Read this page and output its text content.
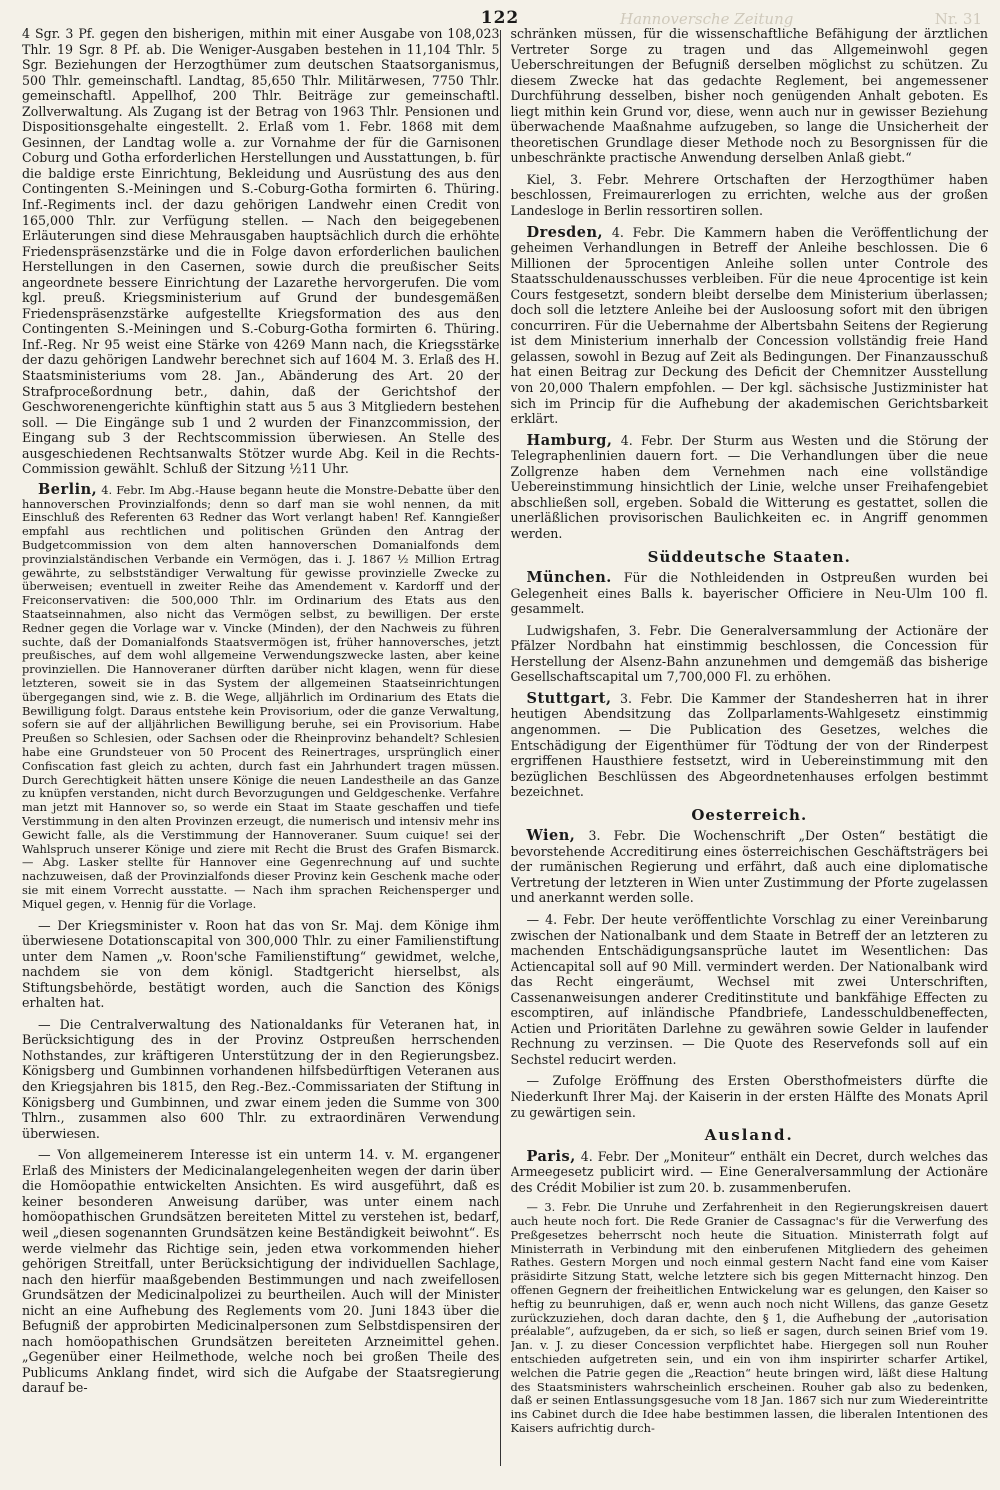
Hannoversche Zeitung
122	Nr. 31

4 Sgr. 3 Pf. gegen den bisherigen, mithin mit einer Ausgabe von 108,023 Thlr. 19 Sgr. 8 Pf. ab. Die Weniger-Ausgaben bestehen in 11,104 Thlr. 5 Sgr. Beziehungen der Herzogthümer zum deutschen Staatsorganismus, 500 Thlr. gemeinschaftl. Landtag, 85,650 Thlr. Militärwesen, 7750 Thlr. gemeinschaftl. Appellhof, 200 Thlr. Beiträge zur gemeinschaftl. Zollverwaltung. Als Zugang ist der Betrag von 1963 Thlr. Pensionen und Dispositionsgehalte eingestellt. 2. Erlaß vom 1. Febr. 1868 mit dem Gesinnen, der Landtag wolle a. zur Vornahme der für die Garnisonen Coburg und Gotha erforderlichen Herstellungen und Ausstattungen, b. für die baldige erste Einrichtung, Bekleidung und Ausrüstung des aus den Contingenten S.-Meiningen und S.-Coburg-Gotha formirten 6. Thüring. Inf.-Regiments incl. der dazu gehörigen Landwehr einen Credit von 165,000 Thlr. zur Verfügung stellen. — Nach den beigegebenen Erläuterungen sind diese Mehrausgaben hauptsächlich durch die erhöhte Friedenspräsenzstärke und die in Folge davon erforderlichen baulichen Herstellungen in den Casernen, sowie durch die preußischer Seits angeordnete bessere Einrichtung der Lazarethe hervorgerufen. Die vom kgl. preuß. Kriegsministerium auf Grund der bundesgemäßen Friedenspräsenzstärke aufgestellte Kriegsformation des aus den Contingenten S.-Meiningen und S.-Coburg-Gotha formirten 6. Thüring. Inf.-Reg. Nr 95 weist eine Stärke von 4269 Mann nach, die Kriegsstärke der dazu gehörigen Landwehr berechnet sich auf 1604 M. 3. Erlaß des H. Staatsministeriums vom 28. Jan., Abänderung des Art. 20 der Strafproceßordnung betr., dahin, daß der Gerichtshof der Geschworenengerichte künftighin statt aus 5 aus 3 Mitgliedern bestehen soll. — Die Eingänge sub 1 und 2 wurden der Finanzcommission, der Eingang sub 3 der Rechtscommission überwiesen. An Stelle des ausgeschiedenen Rechtsanwalts Stötzer wurde Abg. Keil in die Rechts-Commission gewählt. Schluß der Sitzung ½11 Uhr.

Berlin, 4. Febr. Im Abg.-Hause begann heute die Monstre-Debatte über den hannoverschen Provinzialfonds; denn so darf man sie wohl nennen, da mit Einschluß des Referenten 63 Redner das Wort verlangt haben! Ref. Kanngießer empfahl aus rechtlichen und politischen Gründen den Antrag der Budgetcommission von dem alten hannoverschen Domanialfonds dem provinzialständischen Verbande ein Vermögen, das i. J. 1867 ½ Million Ertrag gewährte, zu selbstständiger Verwaltung für gewisse provinzielle Zwecke zu überweisen; eventuell in zweiter Reihe das Amendement v. Kardorff und der Freiconservativen: die 500,000 Thlr. im Ordinarium des Etats aus den Staatseinnahmen, also nicht das Vermögen selbst, zu bewilligen. Der erste Redner gegen die Vorlage war v. Vincke (Minden), der den Nachweis zu führen suchte, daß der Domanialfonds Staatsvermögen ist, früher hannoversches, jetzt preußisches, auf dem wohl allgemeine Verwendungszwecke lasten, aber keine provinziellen. Die Hannoveraner dürften darüber nicht klagen, wenn für diese letzteren, soweit sie in das System der allgemeinen Staatseinrichtungen übergegangen sind, wie z. B. die Wege, alljährlich im Ordinarium des Etats die Bewilligung folgt. Daraus entstehe kein Provisorium, oder die ganze Verwaltung, sofern sie auf der alljährlichen Bewilligung beruhe, sei ein Provisorium. Habe Preußen so Schlesien, oder Sachsen oder die Rheinprovinz behandelt? Schlesien habe eine Grundsteuer von 50 Procent des Reinertrages, ursprünglich einer Confiscation fast gleich zu achten, durch fast ein Jahrhundert tragen müssen. Durch Gerechtigkeit hätten unsere Könige die neuen Landestheile an das Ganze zu knüpfen verstanden, nicht durch Bevorzugungen und Geldgeschenke. Verfahre man jetzt mit Hannover so, so werde ein Staat im Staate geschaffen und tiefe Verstimmung in den alten Provinzen erzeugt, die numerisch und intensiv mehr ins Gewicht falle, als die Verstimmung der Hannoveraner. Suum cuique! sei der Wahlspruch unserer Könige und ziere mit Recht die Brust des Grafen Bismarck. — Abg. Lasker stellte für Hannover eine Gegenrechnung auf und suchte nachzuweisen, daß der Provinzialfonds dieser Provinz kein Geschenk mache oder sie mit einem Vorrecht ausstatte. — Nach ihm sprachen Reichensperger und Miquel gegen, v. Hennig für die Vorlage.

— Der Kriegsminister v. Roon hat das von Sr. Maj. dem Könige ihm überwiesene Dotationscapital von 300,000 Thlr. zu einer Familienstiftung unter dem Namen „v. Roon'sche Familienstiftung“ gewidmet, welche, nachdem sie von dem königl. Stadtgericht hierselbst, als Stiftungsbehörde, bestätigt worden, auch die Sanction des Königs erhalten hat.

— Die Centralverwaltung des Nationaldanks für Veteranen hat, in Berücksichtigung des in der Provinz Ostpreußen herrschenden Nothstandes, zur kräftigeren Unterstützung der in den Regierungsbez. Königsberg und Gumbinnen vorhandenen hilfsbedürftigen Veteranen aus den Kriegsjahren bis 1815, den Reg.-Bez.-Commissariaten der Stiftung in Königsberg und Gumbinnen, und zwar einem jeden die Summe von 300 Thlrn., zusammen also 600 Thlr. zu extraordinären Verwendung überwiesen.

— Von allgemeinerem Interesse ist ein unterm 14. v. M. ergangener Erlaß des Ministers der Medicinalangelegenheiten wegen der darin über die Homöopathie entwickelten Ansichten. Es wird ausgeführt, daß es keiner besonderen Anweisung darüber, was unter einem nach homöopathischen Grundsätzen bereiteten Mittel zu verstehen ist, bedarf, weil „diesen sogenannten Grundsätzen keine Beständigkeit beiwohnt“. Es werde vielmehr das Richtige sein, jeden etwa vorkommenden hieher gehörigen Streitfall, unter Berücksichtigung der individuellen Sachlage, nach den hierfür maaßgebenden Bestimmungen und nach zweifellosen Grundsätzen der Medicinalpolizei zu beurtheilen. Auch will der Minister nicht an eine Aufhebung des Reglements vom 20. Juni 1843 über die Befugniß der approbirten Medicinalpersonen zum Selbstdispensiren der nach homöopathischen Grundsätzen bereiteten Arzneimittel gehen. „Gegenüber einer Heilmethode, welche noch bei großen Theile des Publicums Anklang findet, wird sich die Aufgabe der Staatsregierung darauf be-

schränken müssen, für die wissenschaftliche Befähigung der ärztlichen Vertreter Sorge zu tragen und das Allgemeinwohl gegen Ueberschreitungen der Befugniß derselben möglichst zu schützen. Zu diesem Zwecke hat das gedachte Reglement, bei angemessener Durchführung desselben, bisher noch genügenden Anhalt geboten. Es liegt mithin kein Grund vor, diese, wenn auch nur in gewisser Beziehung überwachende Maaßnahme aufzugeben, so lange die Unsicherheit der theoretischen Grundlage dieser Methode noch zu Besorgnissen für die unbeschränkte practische Anwendung derselben Anlaß giebt.“

Kiel, 3. Febr. Mehrere Ortschaften der Herzogthümer haben beschlossen, Freimaurerlogen zu errichten, welche aus der großen Landesloge in Berlin ressortiren sollen.

Dresden, 4. Febr. Die Kammern haben die Veröffentlichung der geheimen Verhandlungen in Betreff der Anleihe beschlossen. Die 6 Millionen der 5procentigen Anleihe sollen unter Controle des Staatsschuldenausschusses verbleiben. Für die neue 4procentige ist kein Cours festgesetzt, sondern bleibt derselbe dem Ministerium überlassen; doch soll die letztere Anleihe bei der Ausloosung sofort mit den übrigen concurriren. Für die Uebernahme der Albertsbahn Seitens der Regierung ist dem Ministerium innerhalb der Concession vollständig freie Hand gelassen, sowohl in Bezug auf Zeit als Bedingungen. Der Finanzausschuß hat einen Beitrag zur Deckung des Deficit der Chemnitzer Ausstellung von 20,000 Thalern empfohlen. — Der kgl. sächsische Justizminister hat sich im Princip für die Aufhebung der akademischen Gerichtsbarkeit erklärt.

Hamburg, 4. Febr. Der Sturm aus Westen und die Störung der Telegraphenlinien dauern fort. — Die Verhandlungen über die neue Zollgrenze haben dem Vernehmen nach eine vollständige Uebereinstimmung hinsichtlich der Linie, welche unser Freihafengebiet abschließen soll, ergeben. Sobald die Witterung es gestattet, sollen die unerläßlichen provisorischen Baulichkeiten ec. in Angriff genommen werden.

Süddeutsche Staaten.

München. Für die Nothleidenden in Ostpreußen wurden bei Gelegenheit eines Balls k. bayerischer Officiere in Neu-Ulm 100 fl. gesammelt.

Ludwigshafen, 3. Febr. Die Generalversammlung der Actionäre der Pfälzer Nordbahn hat einstimmig beschlossen, die Concession für Herstellung der Alsenz-Bahn anzunehmen und demgemäß das bisherige Gesellschaftscapital um 7,700,000 Fl. zu erhöhen.

Stuttgart, 3. Febr. Die Kammer der Standesherren hat in ihrer heutigen Abendsitzung das Zollparlaments-Wahlgesetz einstimmig angenommen. — Die Publication des Gesetzes, welches die Entschädigung der Eigenthümer für Tödtung der von der Rinderpest ergriffenen Hausthiere festsetzt, wird in Uebereinstimmung mit den bezüglichen Beschlüssen des Abgeordnetenhauses erfolgen bestimmt bezeichnet.

Oesterreich.

Wien, 3. Febr. Die Wochenschrift „Der Osten“ bestätigt die bevorstehende Accreditirung eines österreichischen Geschäftsträgers bei der rumänischen Regierung und erfährt, daß auch eine diplomatische Vertretung der letzteren in Wien unter Zustimmung der Pforte zugelassen und anerkannt werden solle.

— 4. Febr. Der heute veröffentlichte Vorschlag zu einer Vereinbarung zwischen der Nationalbank und dem Staate in Betreff der an letzteren zu machenden Entschädigungsansprüche lautet im Wesentlichen: Das Actiencapital soll auf 90 Mill. vermindert werden. Der Nationalbank wird das Recht eingeräumt, Wechsel mit zwei Unterschriften, Cassenanweisungen anderer Creditinstitute und bankfähige Effecten zu escomptiren, auf inländische Pfandbriefe, Landesschuldbeneffecten, Actien und Prioritäten Darlehne zu gewähren sowie Gelder in laufender Rechnung zu verzinsen. — Die Quote des Reservefonds soll auf ein Sechstel reducirt werden.

— Zufolge Eröffnung des Ersten Obersthofmeisters dürfte die Niederkunft Ihrer Maj. der Kaiserin in der ersten Hälfte des Monats April zu gewärtigen sein.

Ausland.

Paris, 4. Febr. Der „Moniteur“ enthält ein Decret, durch welches das Armeegesetz publicirt wird. — Eine Generalversammlung der Actionäre des Crédit Mobilier ist zum 20. b. zusammenberufen.

— 3. Febr. Die Unruhe und Zerfahrenheit in den Regierungskreisen dauert auch heute noch fort. Die Rede Granier de Cassagnac's für die Verwerfung des Preßgesetzes beherrscht noch heute die Situation. Ministerrath folgt auf Ministerrath in Verbindung mit den einberufenen Mitgliedern des geheimen Rathes. Gestern Morgen und noch einmal gestern Nacht fand eine vom Kaiser präsidirte Sitzung Statt, welche letztere sich bis gegen Mitternacht hinzog. Den offenen Gegnern der freiheitlichen Entwickelung war es gelungen, den Kaiser so heftig zu beunruhigen, daß er, wenn auch noch nicht Willens, das ganze Gesetz zurückzuziehen, doch daran dachte, den § 1, die Aufhebung der „autorisation préalable“, aufzugeben, da er sich, so ließ er sagen, durch seinen Brief vom 19. Jan. v. J. zu dieser Concession verpflichtet habe. Hiergegen soll nun Rouher entschieden aufgetreten sein, und ein von ihm inspirirter scharfer Artikel, welchen die Patrie gegen die „Reaction“ heute bringen wird, läßt diese Haltung des Staatsministers wahrscheinlich erscheinen. Rouher gab also zu bedenken, daß er seinen Entlassungsgesuche vom 18 Jan. 1867 sich nur zum Wiedereintritte ins Cabinet durch die Idee habe bestimmen lassen, die liberalen Intentionen des Kaisers aufrichtig durch-
